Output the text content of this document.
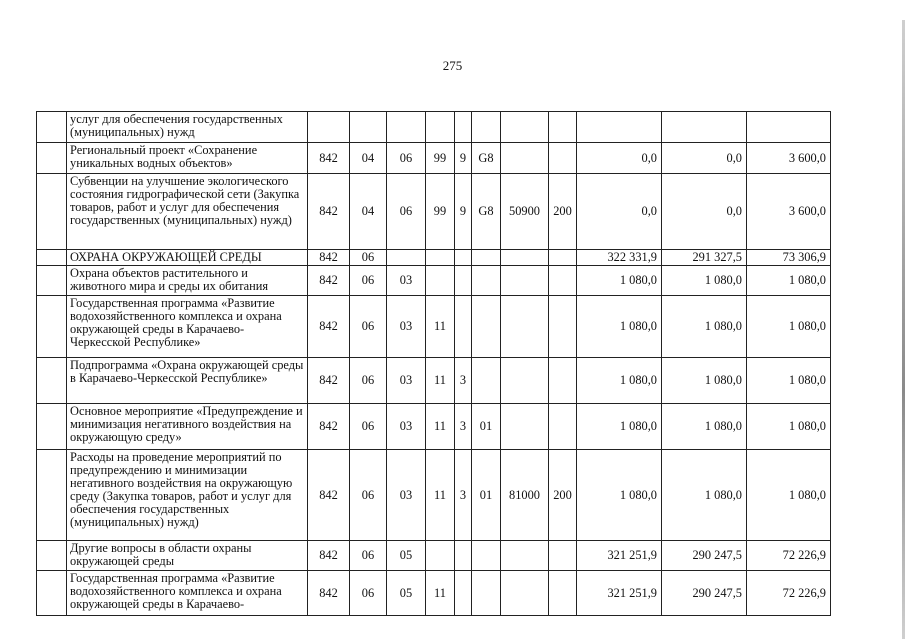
275
	услуг для обеспечения государственных (муниципальных) нужд											
	Региональный проект «Сохранение уникальных водных объектов»	842	04	06	99	9	G8			0,0	0,0	3 600,0
	Субвенции на улучшение экологического состояния гидрографической сети (Закупка товаров, работ и услуг для обеспечения государственных (муниципальных) нужд)	842	04	06	99	9	G8	50900	200	0,0	0,0	3 600,0
	ОХРАНА ОКРУЖАЮЩЕЙ СРЕДЫ	842	06							322 331,9	291 327,5	73 306,9
	Охрана объектов растительного и животного мира и среды их обитания	842	06	03						1 080,0	1 080,0	1 080,0
	Государственная программа «Развитие водохозяйственного комплекса и охрана окружающей среды в Карачаево-Черкесской Республике»	842	06	03	11					1 080,0	1 080,0	1 080,0
	Подпрограмма «Охрана окружающей среды в Карачаево-Черкесской Республике»	842	06	03	11	3				1 080,0	1 080,0	1 080,0
	Основное мероприятие «Предупреждение и минимизация негативного воздействия на окружающую среду»	842	06	03	11	3	01			1 080,0	1 080,0	1 080,0
	Расходы на проведение мероприятий по предупреждению и минимизации негативного воздействия на окружающую среду (Закупка товаров, работ и услуг для обеспечения государственных (муниципальных) нужд)	842	06	03	11	3	01	81000	200	1 080,0	1 080,0	1 080,0
	Другие вопросы в области охраны окружающей среды	842	06	05						321 251,9	290 247,5	72 226,9
	Государственная программа «Развитие водохозяйственного комплекса и охрана окружающей среды в Карачаево-	842	06	05	11					321 251,9	290 247,5	72 226,9
